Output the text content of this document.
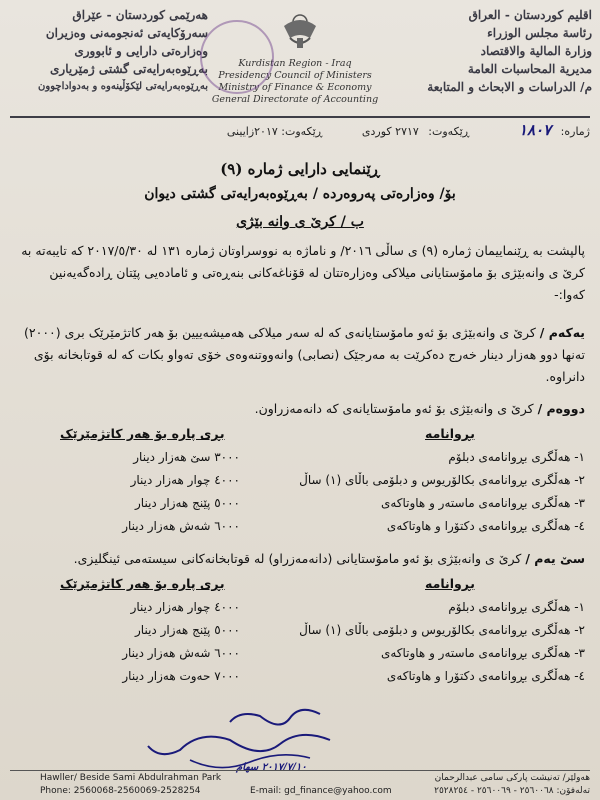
اقليم كوردستان - العراق
رئاسة مجلس الوزراء
وزارة المالية والاقتصاد
مديرية المحاسبات العامة
م/ الدراسات و الابحاث و المتابعة
Kurdistan Region - Iraq
Presidency Council of Ministers
Ministry of Finance & Economy
General Directorate of Accounting
هەرێمی کوردستان - عێراق
سەرۆکایەتی ئەنجومەنی وەزیران
وەزارەتی دارایی و ئابووری
بەڕێوەبەرایەتی گشتی ژمێریاری
بەڕێوەبەرایەتی لێکۆڵینەوە و بەدواداچوون
ژمارە: ١٨٠٧ ڕێکەوت: ٢٧١٧ کوردی ڕێکەوت: ٢٠١٧زایینی
ڕێنمایی دارایی ژمارە (٩)
بۆ/ وەزارەتی پەروەردە / بەڕێوەبەرایەتی گشتی دیوان
ب / کرێ ی وانە بێژی
پالپشت بە ڕێنماییمان ژمارە (٩) ی ساڵی ٢٠١٦/ و ناماژە بە نووسراوتان ژمارە ١٣١ لە ٢٠١٧/٥/٣٠ کە تایبەتە بە کرێ ی وانەبێژی بۆ مامۆستایانی میلاکی وەزارەتتان لە قۆناغەکانی بنەڕەتی و ئامادەیی پێتان ڕادەگەیەنین کەوا:-
یەکەم / کرێ ی وانەبێژی بۆ ئەو مامۆستایانەی کە لە سەر میلاکی هەمیشەییین بۆ هەر کاتژمێرێک بری (٢٠٠٠) تەنها دوو هەزار دینار خەرج دەکرێت بە مەرجێک (نصابی) وانەووتنەوەی خۆی تەواو بکات کە لە قوتابخانە بۆی دانراوە.
دووەم / کرێ ی وانەبێژی بۆ ئەو مامۆستایانەی کە دانەمەزراون.
بڕوانامە
بڕی پارە بۆ هەر کاتژمێرێک
١- هەڵگری بڕوانامەی دبلۆم
٢- هەڵگری بڕوانامەی بکالۆریوس و دبلۆمی باڵای (١) ساڵ
٣- هەڵگری بڕوانامەی ماستەر و هاوتاکەی
٤- هەڵگری بڕوانامەی دکتۆرا و هاوتاکەی
٣٠٠٠ سێ هەزار دینار
٤٠٠٠ چوار هەزار دینار
٥٠٠٠ پێنج هەزار دینار
٦٠٠٠ شەش هەزار دینار
سێ یەم / کرێ ی وانەبێژی بۆ ئەو مامۆستایانی (دانەمەزراو) لە قوتابخانەکانی سیستەمی ئینگلیزی.
بڕوانامە
بڕی پارە بۆ هەر کاتژمێرێک
١- هەڵگری بڕوانامەی دبلۆم
٢- هەڵگری بڕوانامەی بکالۆریوس و دبلۆمی باڵای (١) ساڵ
٣- هەڵگری بڕوانامەی ماستەر و هاوتاکەی
٤- هەڵگری بڕوانامەی دکتۆرا و هاوتاکەی
٤٠٠٠ چوار هەزار دینار
٥٠٠٠ پێنج هەزار دینار
٦٠٠٠ شەش هەزار دینار
٧٠٠٠ حەوت هەزار دینار
٢٠١٧/٧/١٠ سهام
Hawller/ Beside Sami Abdulrahman Park
Phone: 2560068-2560069-2528254	E-mail: gd_finance@yahoo.com
هەولێر/ تەنیشت پارکی سامی عبدالرحمان
تەلەفۆن: ٢٥٦٠٠٦٨ - ٢٥٦٠٠٦٩ - ٢٥٢٨٢٥٤
